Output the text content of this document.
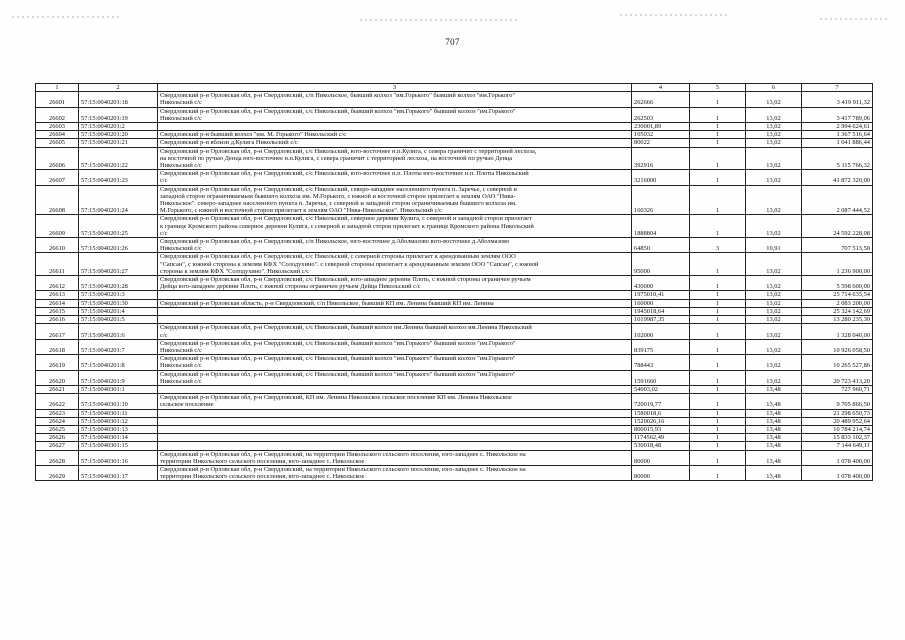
707
1	2	3	4	5	6	7
26601	57:15:0040201:18	Свердловский р-н Орловская обл, р-н Свердловский, с/п Никольское, бывший колхоз "им.Горького" бывший колхоз "им.Горького"
Никольский с/с	262666	1	13,02	3 419 911,32
26602	57:15:0040201:19	Свердловский р-н Орловская обл, р-н Свердловский, с/с Никольский, бывший колхоз "им.Горького" бывший колхоз "им.Горького"
Никольский с/с	262503	1	13,02	3 417 789,06
26603	57:15:0040201:2		230001,89	1	13,02	2 994 624,61
26604	57:15:0040201:20	Свердловский р-н бывший колхоз "им. М. Горького" Никольский с/с	105032	1	13,02	1 367 516,64
26605	57:15:0040201:21	Свердловский р-н вблизи д.Кулига Никольский с/с	80022	1	13,02	1 041 886,44
26606	57:15:0040201:22	Свердловский р-н Орловская обл, р-н Свердловский, с/с Никольский, юго-восточнее н.п.Кулига, с севера граничит с территорией лесхоза,
на восточной по ручью Денца юго-восточнее н.п.Кулига, с севера граничит с территорией лесхоза, на восточной по ручью Денца
Никольский с/с	392916	1	13,02	5 115 766,32
26607	57:15:0040201:23	Свердловский р-н Орловская обл, р-н Свердловский, с/с Никольский, юго-восточнее н.п. Плоты юго-восточнее н.п. Плоты Никольский
с/с	3216000	1	13,02	41 872 320,00
26608	57:15:0040201:24	Свердловский р-н Орловская обл, р-н Свердловский, с/с Никольский, северо-западнее населенного пункта п. Заречье, с северной и
западной сторон ограничиваемым бывшего колхоза им. М.Горького, с южной и восточной сторон прилегает к землям ОАО "Нива-
Никольское". северо-западнее населенного пункта п. Заречье, с северной и западной сторон ограничиваемым бывшего колхоза им.
М.Горького, с южной и восточной сторон прилегает к землям ОАО "Нива-Никольское". Никольский с/с	160326	1	13,02	2 087 444,52
26609	57:15:0040201:25	Свердловский р-н Орловская обл, р-н Свердловский, с/с Никольский, северное деревни Кулига, с северной и западной сторон прилегает
к границе Кромского района северное деревни Кулига, с северной и западной сторон прилегает к границе Кромского района Никольский
с/с	1888804	1	13,02	24 592 228,08
26610	57:15:0040201:26	Свердловский р-н Орловская обл, р-н Свердловский, с/п Никольское, юго-восточнее д.Аболмазово юго-восточнее д.Аболмазово
Никольский с/с	64850	3	10,91	707 513,50
26611	57:15:0040201:27	Свердловский р-н Орловская обл, р-н Свердловский, с/с Никольский, с северной стороны прилегает к арендованным землям ООО
"Сапсан", с южной стороны к землям КФХ "Солодухино". с северной стороны прилегает к арендованным землям ООО "Сапсан", с южной
стороны к землям КФХ "Солодухино". Никольский с/с	95000	1	13,02	1 236 900,00
26612	57:15:0040201:28	Свердловский р-н Орловская обл, р-н Свердловский, с/с Никольский, юго-западнее деревни Плоть, с южной стороны ограничен ручьем
Дейца юго-западнее деревни Плоть, с южной стороны ограничен ручьем Дейца Никольский с/с	430000	1	13,02	5 598 600,00
26613	57:15:0040201:3		1975010,41	1	13,02	25 714 635,54
26614	57:15:0040201:30	Свердловский р-н Орловская область, р-н Свердловский, с/п Никольское, бывший КП им. Ленина бывший КП им. Ленина	160000	1	13,02	2 083 200,00
26615	57:15:0040201:4		1945018,64	1	13,02	25 324 142,69
26616	57:15:0040201:5		1019987,35	1	13,02	13 280 235,30
26617	57:15:0040201:6	Свердловский р-н Орловская обл, р-н Свердловский, с/с Никольский, бывший колхоз им.Ленина бывший колхоз им.Ленина Никольский
с/с	102000	1	13,02	1 328 040,00
26618	57:15:0040201:7	Свердловский р-н Орловская обл, р-н Свердловский, с/с Никольский, бывший колхоз "им.Горького" бывший колхоз "им.Горького"
Никольский с/с	839175	1	13,02	10 926 058,50
26619	57:15:0040201:8	Свердловский р-н Орловская обл, р-н Свердловский, с/с Никольский, бывший колхоз "им.Горького" бывший колхоз "им.Горького"
Никольский с/с	788443	1	13,02	10 265 527,86
26620	57:15:0040201:9	Свердловский р-н Орловская обл, р-н Свердловский, с/с Никольский, бывший колхоз "им.Горького" бывший колхоз "им.Горького"
Никольский с/с	1591660	1	13,02	20 723 413,20
26621	57:15:0040301:1		54003,02	1	13,48	727 960,71
26622	57:15:0040301:10	Свердловский р-н Орловская обл, р-н Свердловский, КП им. Ленина Никольское сельское поселение КП им. Ленина Никольское
сельское поселение	720019,77	1	13,48	9 705 866,50
26623	57:15:0040301:11		1580018,6	1	13,48	21 298 650,73
26624	57:15:0040301:12		1520026,16	1	13,48	20 489 952,64
26625	57:15:0040301:13		800015,93	1	13,48	10 784 214,74
26626	57:15:0040301:14		1174562,49	1	13,48	15 833 102,37
26627	57:15:0040301:15		530018,48	1	13,48	7 144 649,11
26628	57:15:0040301:16	Свердловский р-н Орловская обл, р-н Свердловский, на территории Никольского сельского поселения, юго-западнее с. Никольское на
территории Никольского сельского поселения, юго-западнее с. Никольское	80000	1	13,48	1 078 400,00
26629	57:15:0040301:17	Свердловский р-н Орловская обл, р-н Свердловский, на территории Никольского сельского поселения, юго-западнее с. Никольское на
территории Никольского сельского поселения, юго-западнее с. Никольское	80000	1	13,48	1 078 400,00
